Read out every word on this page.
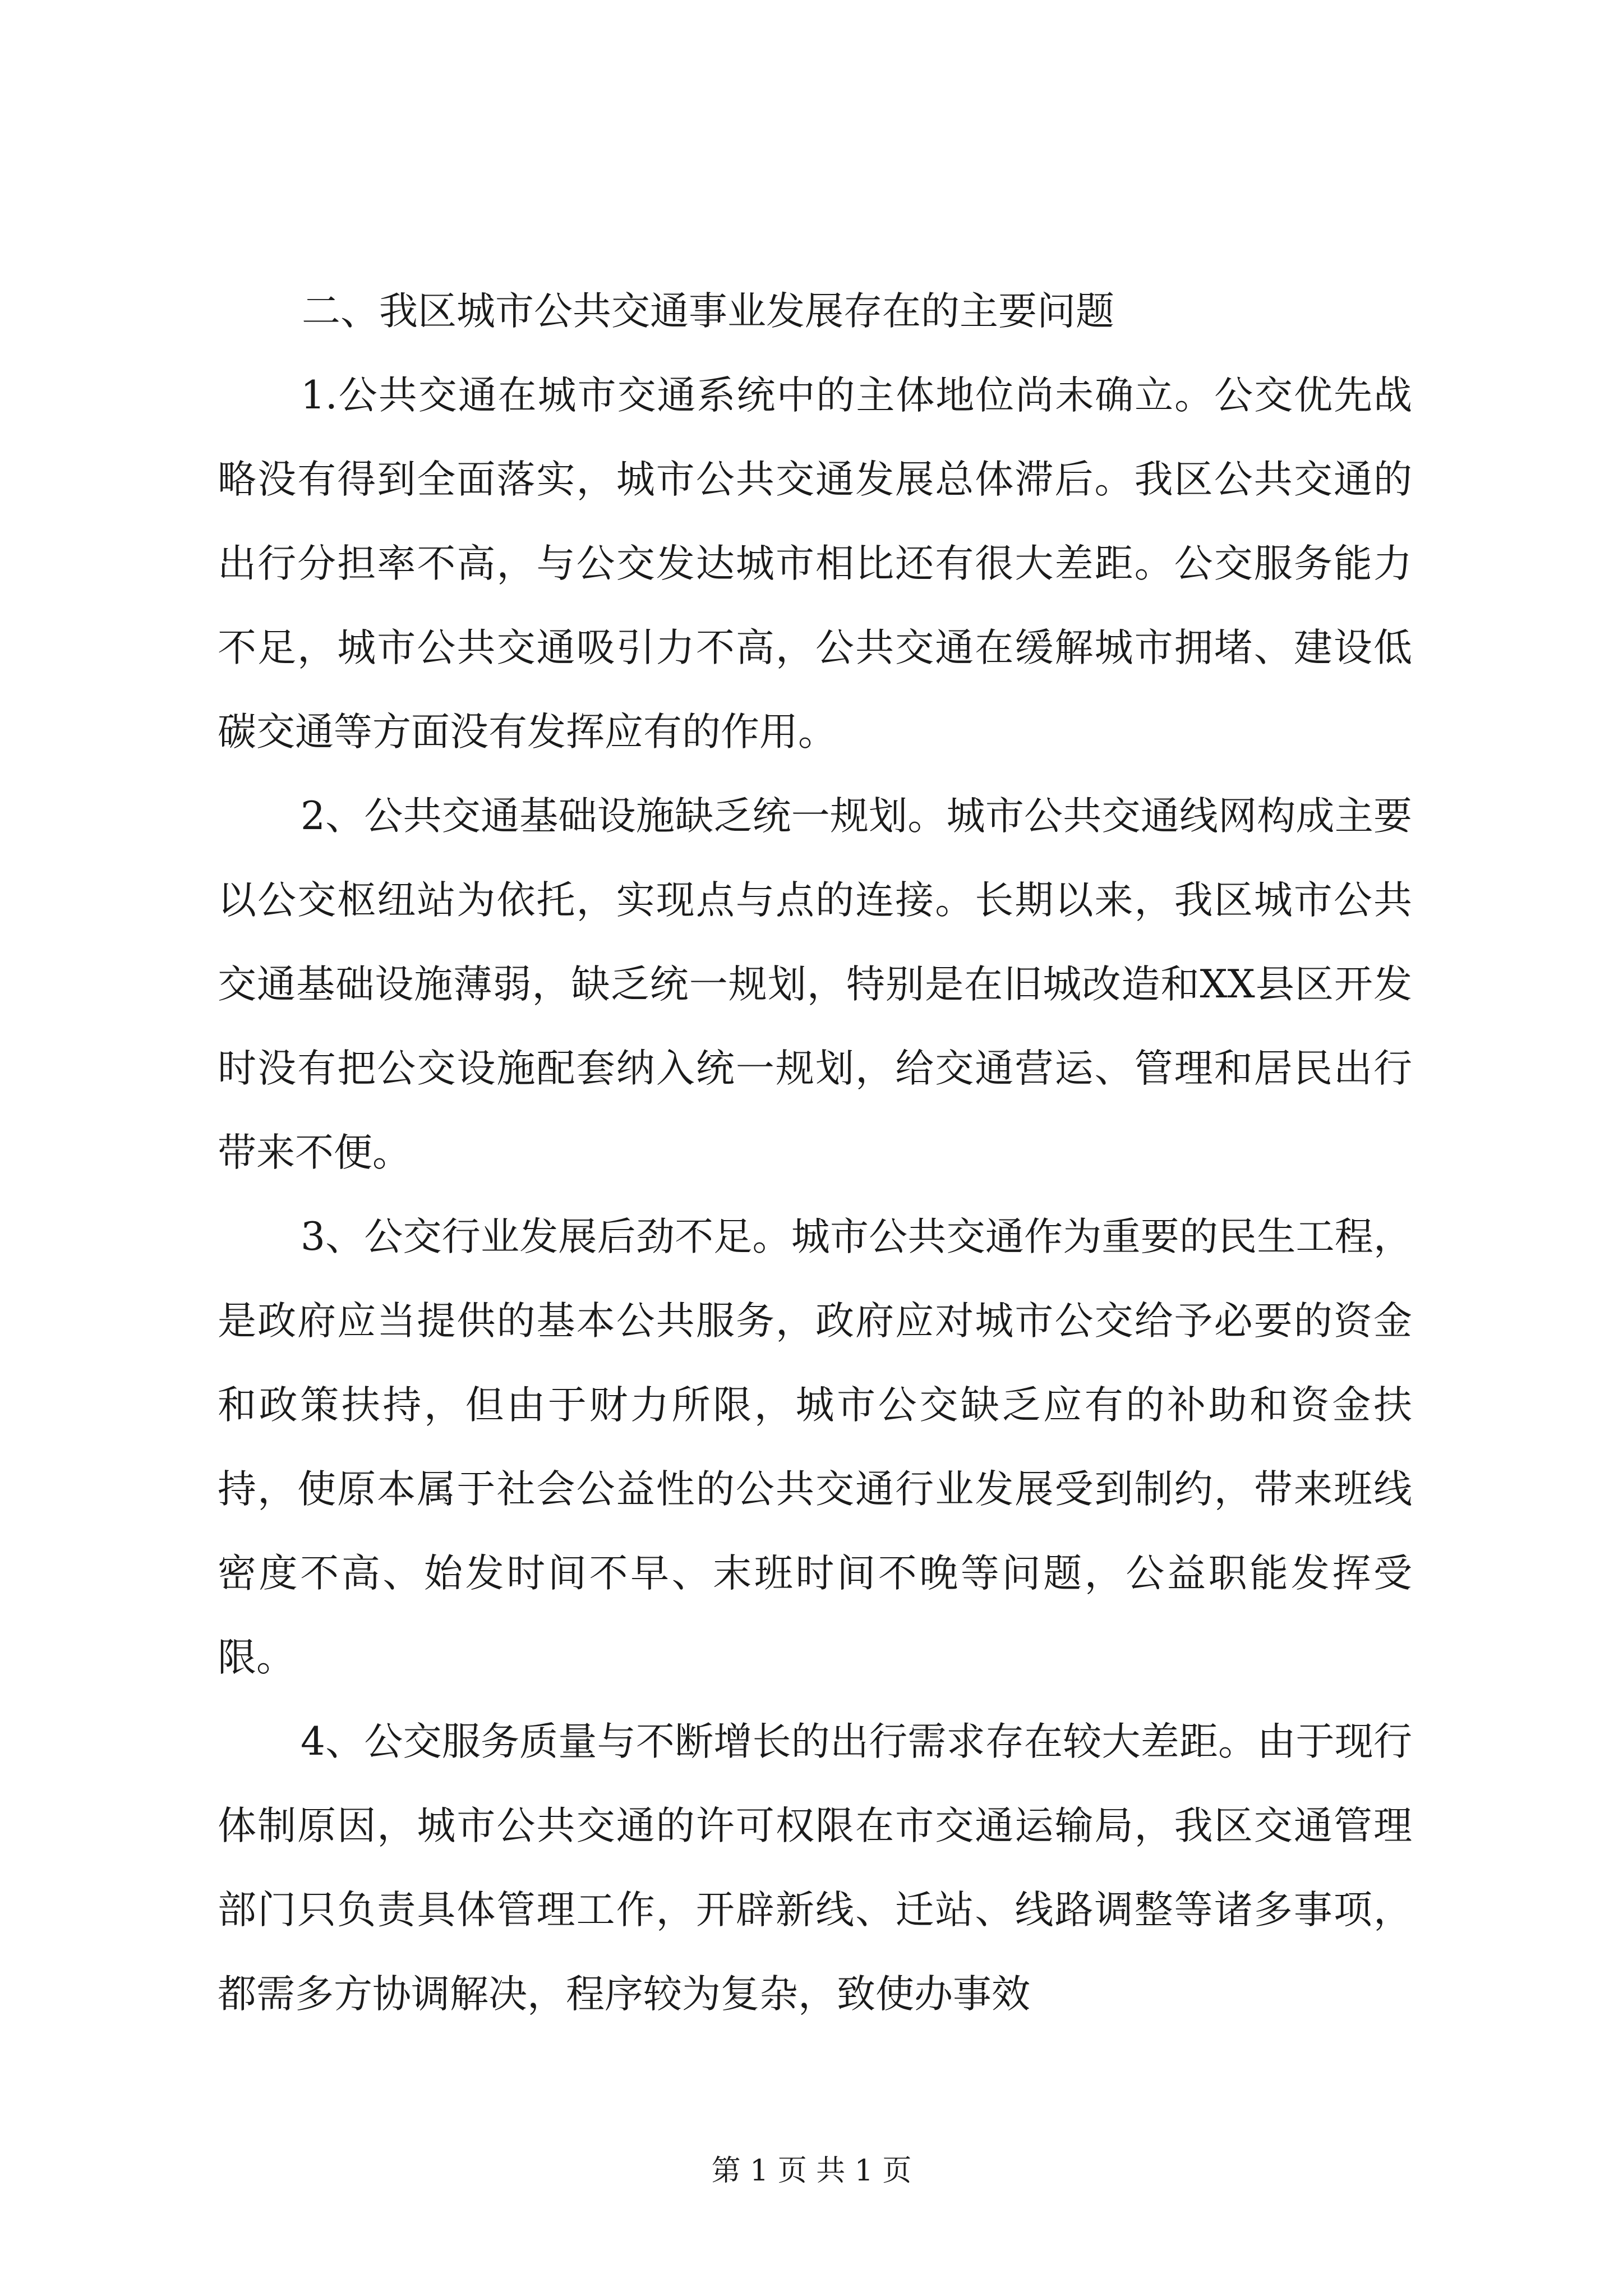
二、我区城市公共交通事业发展存在的主要问题

1.公共交通在城市交通系统中的主体地位尚未确立。公交优先战略没有得到全面落实，城市公共交通发展总体滞后。我区公共交通的出行分担率不高，与公交发达城市相比还有很大差距。公交服务能力不足，城市公共交通吸引力不高，公共交通在缓解城市拥堵、建设低碳交通等方面没有发挥应有的作用。

2、公共交通基础设施缺乏统一规划。城市公共交通线网构成主要以公交枢纽站为依托，实现点与点的连接。长期以来，我区城市公共交通基础设施薄弱，缺乏统一规划，特别是在旧城改造和XX县区开发时没有把公交设施配套纳入统一规划，给交通营运、管理和居民出行带来不便。

3、公交行业发展后劲不足。城市公共交通作为重要的民生工程，是政府应当提供的基本公共服务，政府应对城市公交给予必要的资金和政策扶持，但由于财力所限，城市公交缺乏应有的补助和资金扶持，使原本属于社会公益性的公共交通行业发展受到制约，带来班线密度不高、始发时间不早、末班时间不晚等问题，公益职能发挥受限。

4、公交服务质量与不断增长的出行需求存在较大差距。由于现行体制原因，城市公共交通的许可权限在市交通运输局，我区交通管理部门只负责具体管理工作，开辟新线、迁站、线路调整等诸多事项，都需多方协调解决，程序较为复杂，致使办事效

第 1 页 共 1 页
